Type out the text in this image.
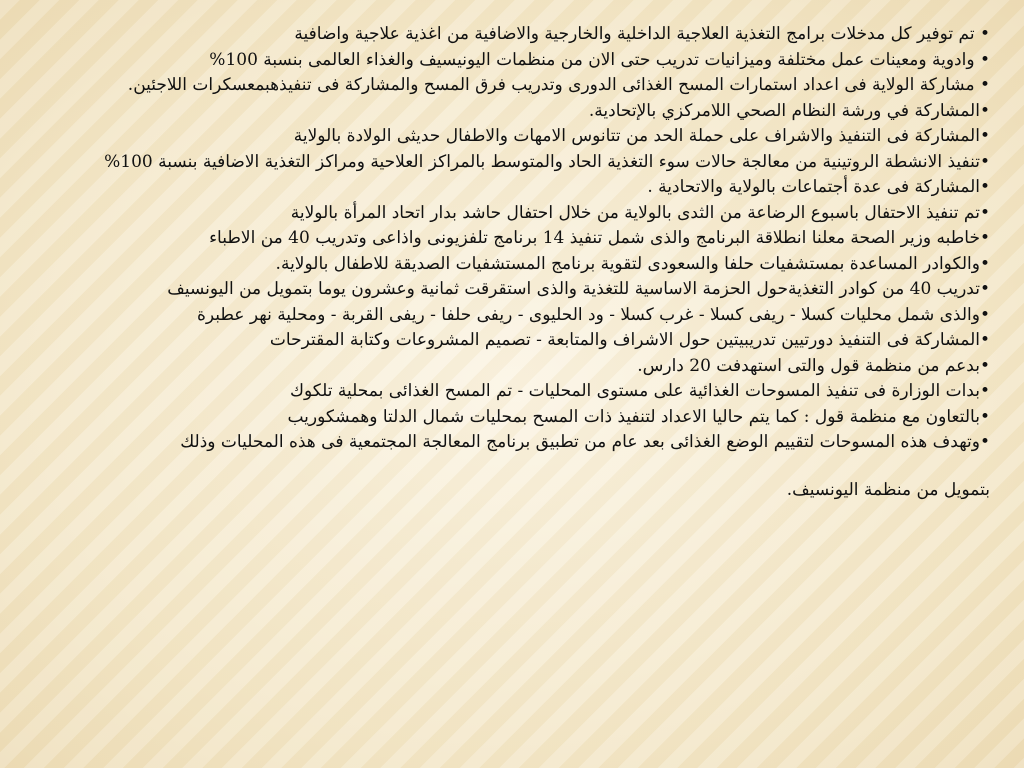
• تم توفير كل مدخلات برامج التغذية العلاجية الداخلية والخارجية والاضافية من اغذية علاجية واضافية

• وادوية ومعينات عمل مختلفة وميزانيات تدريب حتى الان من منظمات اليونيسيف والغذاء العالمى بنسبة 100%

• مشاركة الولاية فى اعداد استمارات المسح الغذائى الدورى وتدريب فرق المسح والمشاركة فى تنفيذهبمعسكرات اللاجئين.

•المشاركة في ورشة النظام الصحي اللامركزي بالإتحادية.

•المشاركة فى التنفيذ والاشراف على حملة الحد من تتانوس الامهات والاطفال حديثى الولادة بالولاية

•تنفيذ الانشطة الروتينية من معالجة حالات سوء التغذية الحاد والمتوسط بالمراكز العلاحية ومراكز التغذية الاضافية بنسبة 100%

•المشاركة فى عدة أجتماعات بالولاية والاتحادية .

•تم تنفيذ الاحتفال باسبوع الرضاعة من الثدى بالولاية من خلال احتفال حاشد بدار اتحاد المرأة بالولاية

•خاطبه وزير الصحة معلنا انطلاقة البرنامج والذى شمل تنفيذ 14 برنامج تلفزيونى واذاعى وتدريب 40 من الاطباء

•والكوادر المساعدة بمستشفيات حلفا والسعودى لتقوية برنامج المستشفيات الصديقة للاطفال بالولاية.

•تدريب 40 من كوادر التغذيةحول الحزمة الاساسية للتغذية والذى استقرقت ثمانية وعشرون يوما بتمويل من اليونسيف

•والذى شمل محليات كسلا - ريفى كسلا - غرب كسلا - ود الحليوى - ريفى حلفا - ريفى القربة - ومحلية نهر عطبرة

•المشاركة فى التنفيذ دورتيين تدريبيتين حول الاشراف والمتابعة - تصميم المشروعات وكتابة المقترحات

•بدعم من منظمة قول والتى استهدفت 20 دارس.

•بدات الوزارة فى تنفيذ المسوحات الغذائية على مستوى المحليات - تم المسح الغذائى بمحلية تلكوك

•بالتعاون مع منظمة قول : كما يتم حاليا الاعداد لتنفيذ ذات المسح بمحليات شمال الدلتا وهمشكوريب

•وتهدف هذه المسوحات لتقييم الوضع الغذائى بعد عام من تطبيق برنامج المعالجة المجتمعية فى هذه المحليات وذلك

بتمويل من منظمة اليونسيف.
